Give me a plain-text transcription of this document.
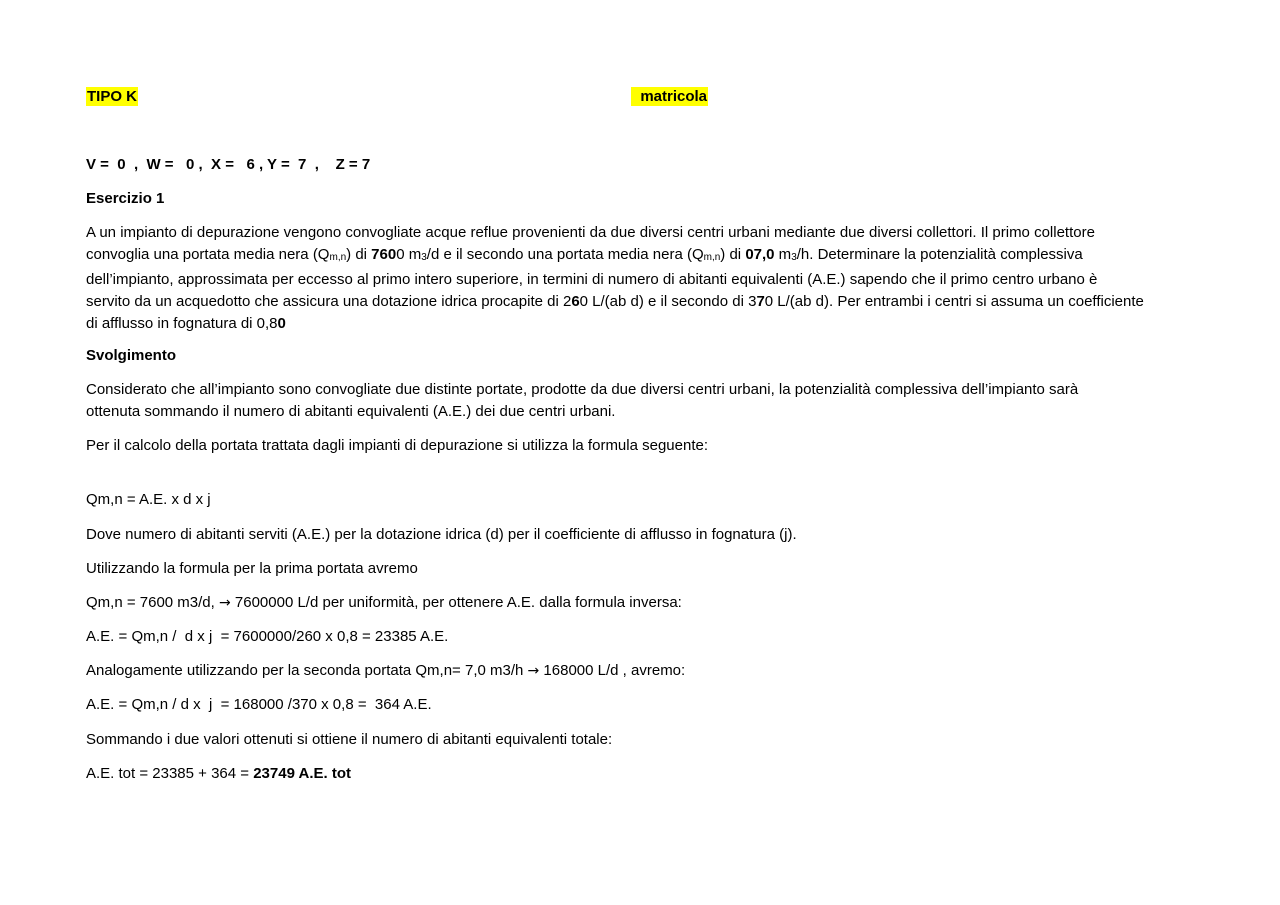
TIPO K	matricola
V =  0  ,  W =   0 ,  X =   6 , Y =  7  ,    Z = 7
Esercizio 1
A un impianto di depurazione vengono convogliate acque reflue provenienti da due diversi centri urbani mediante due diversi collettori. Il primo collettore
convoglia una portata media nera $(Q_{m,n})$ di 7600 $m_3/d$ e il secondo una portata media nera $(Q_{m,n})$ di 07,0 $m_3/h$. Determinare la potenzialità complessiva
dell’impianto, approssimata per eccesso al primo intero superiore, in termini di numero di abitanti equivalenti (A.E.) sapendo che il primo centro urbano è
servito da un acquedotto che assicura una dotazione idrica procapite di 260 L/(ab d) e il secondo di 370 L/(ab d). Per entrambi i centri si assuma un coefficiente
di afflusso in fognatura di 0,80
Svolgimento
Considerato che all’impianto sono convogliate due distinte portate, prodotte da due diversi centri urbani, la potenzialità complessiva dell’impianto sarà
ottenuta sommando il numero di abitanti equivalenti (A.E.) dei due centri urbani.
Per il calcolo della portata trattata dagli impianti di depurazione si utilizza la formula seguente:
Qm,n = A.E. x d x j
Dove numero di abitanti serviti (A.E.) per la dotazione idrica (d) per il coefficiente di afflusso in fognatura (j).
Utilizzando la formula per la prima portata avremo
Qm,n = 7600 m3/d, → 7600000 L/d per uniformità, per ottenere A.E. dalla formula inversa:
A.E. = Qm,n /  d x j  = 7600000/260 x 0,8 = 23385 A.E.
Analogamente utilizzando per la seconda portata Qm,n= 7,0 m3/h → 168000 L/d , avremo:
A.E. = Qm,n / d x  j  = 168000 /370 x 0,8 =  364 A.E.
Sommando i due valori ottenuti si ottiene il numero di abitanti equivalenti totale:
A.E. tot = 23385 + 364 = 23749 A.E. tot
